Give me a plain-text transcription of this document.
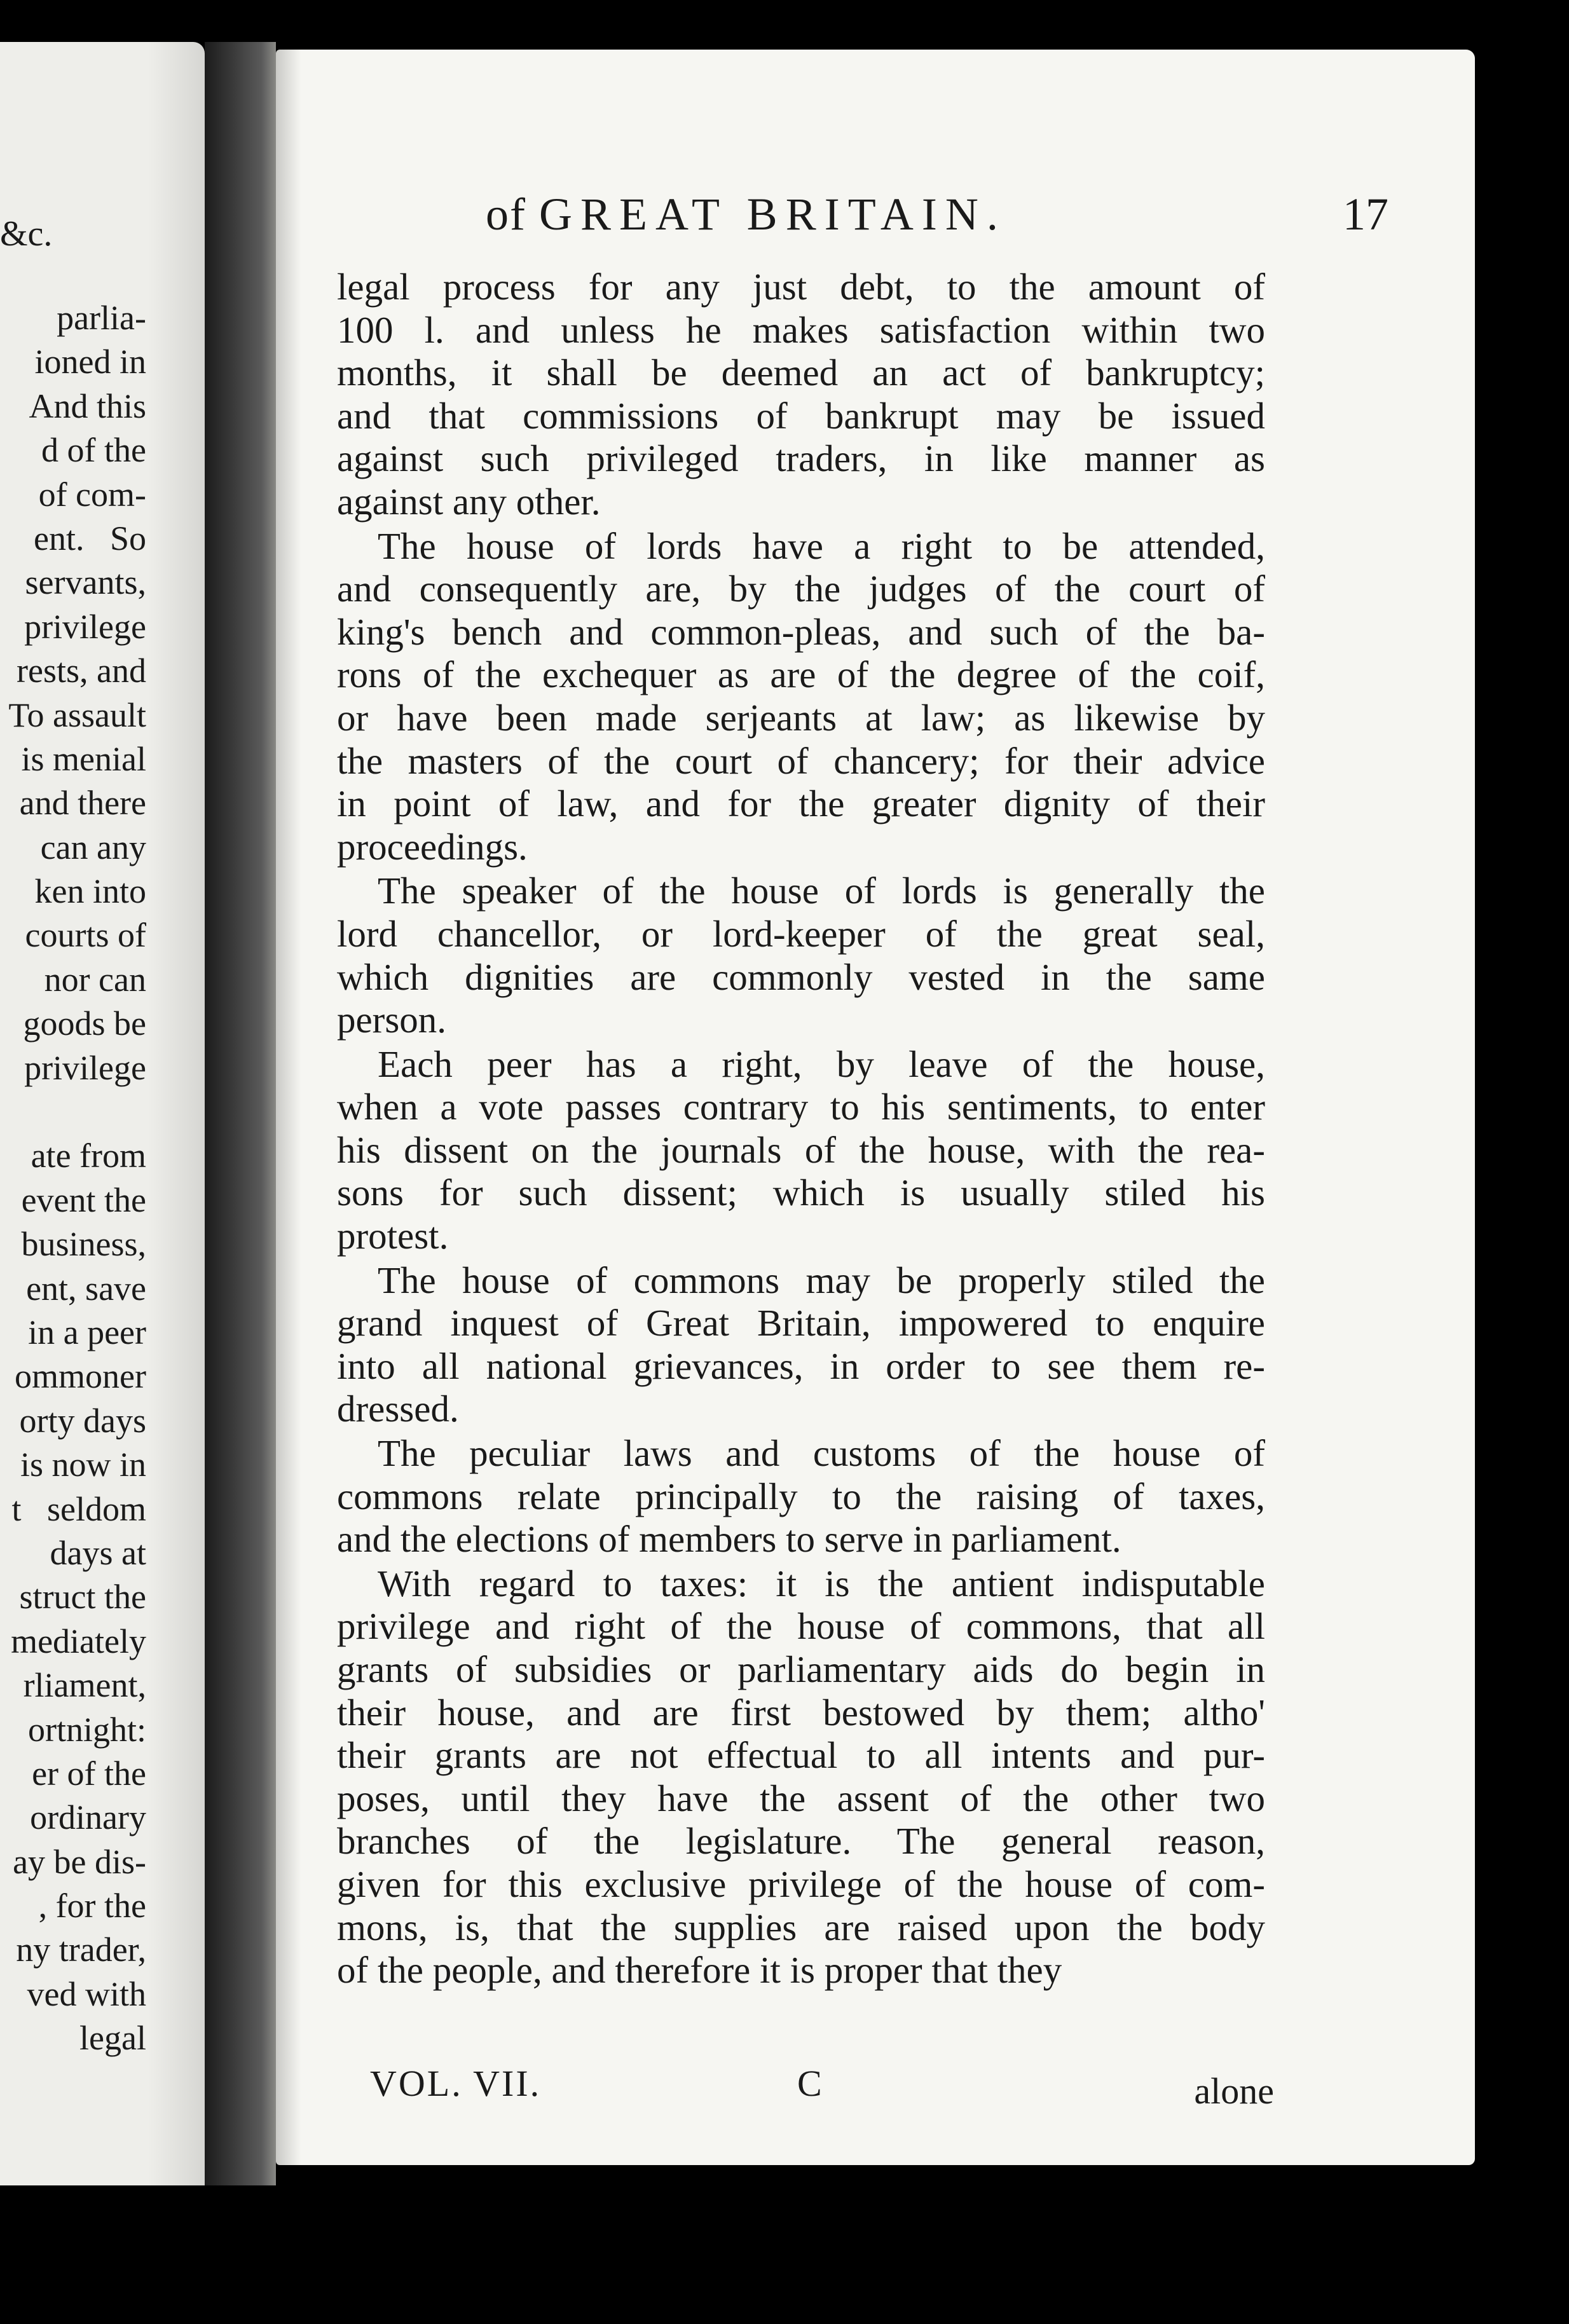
&c.
parlia-
ioned in
And this
d of the
of com-
ent.   So
servants,
privilege
rests, and
To assault
is menial
and there
can any
ken into
courts of
nor can
goods be
privilege
ate from
event the
business,
ent, save
in a peer
ommoner
orty days
is now in
t   seldom
days at
struct the
mediately
rliament,
ortnight:
er of the
ordinary
ay be dis-
, for the
ny trader,
ved with
legal
of GREAT BRITAIN.	17
legal process for any just debt, to the amount of
100 l. and unless he makes satisfaction within two
months, it shall be deemed an act of bankruptcy;
and that commissions of bankrupt may be issued
against such privileged traders, in like manner as
against any other.
The house of lords have a right to be attended,
and consequently are, by the judges of the court of
king's bench and common-pleas, and such of the ba-
rons of the exchequer as are of the degree of the coif,
or have been made serjeants at law; as likewise by
the masters of the court of chancery; for their advice
in point of law, and for the greater dignity of their
proceedings.
The speaker of the house of lords is generally the
lord chancellor, or lord-keeper of the great seal,
which dignities are commonly vested in the same
person.
Each peer has a right, by leave of the house,
when a vote passes contrary to his sentiments, to enter
his dissent on the journals of the house, with the rea-
sons for such dissent; which is usually stiled his
protest.
The house of commons may be properly stiled the
grand inquest of Great Britain, impowered to enquire
into all national grievances, in order to see them re-
dressed.
The peculiar laws and customs of the house of
commons relate principally to the raising of taxes,
and the elections of members to serve in parliament.
With regard to taxes: it is the antient indisputable
privilege and right of the house of commons, that all
grants of subsidies or parliamentary aids do begin in
their house, and are first bestowed by them; altho'
their grants are not effectual to all intents and pur-
poses, until they have the assent of the other two
branches of the legislature. The general reason,
given for this exclusive privilege of the house of com-
mons, is, that the supplies are raised upon the body
of the people, and therefore it is proper that they
VOL. VII.	C	alone
